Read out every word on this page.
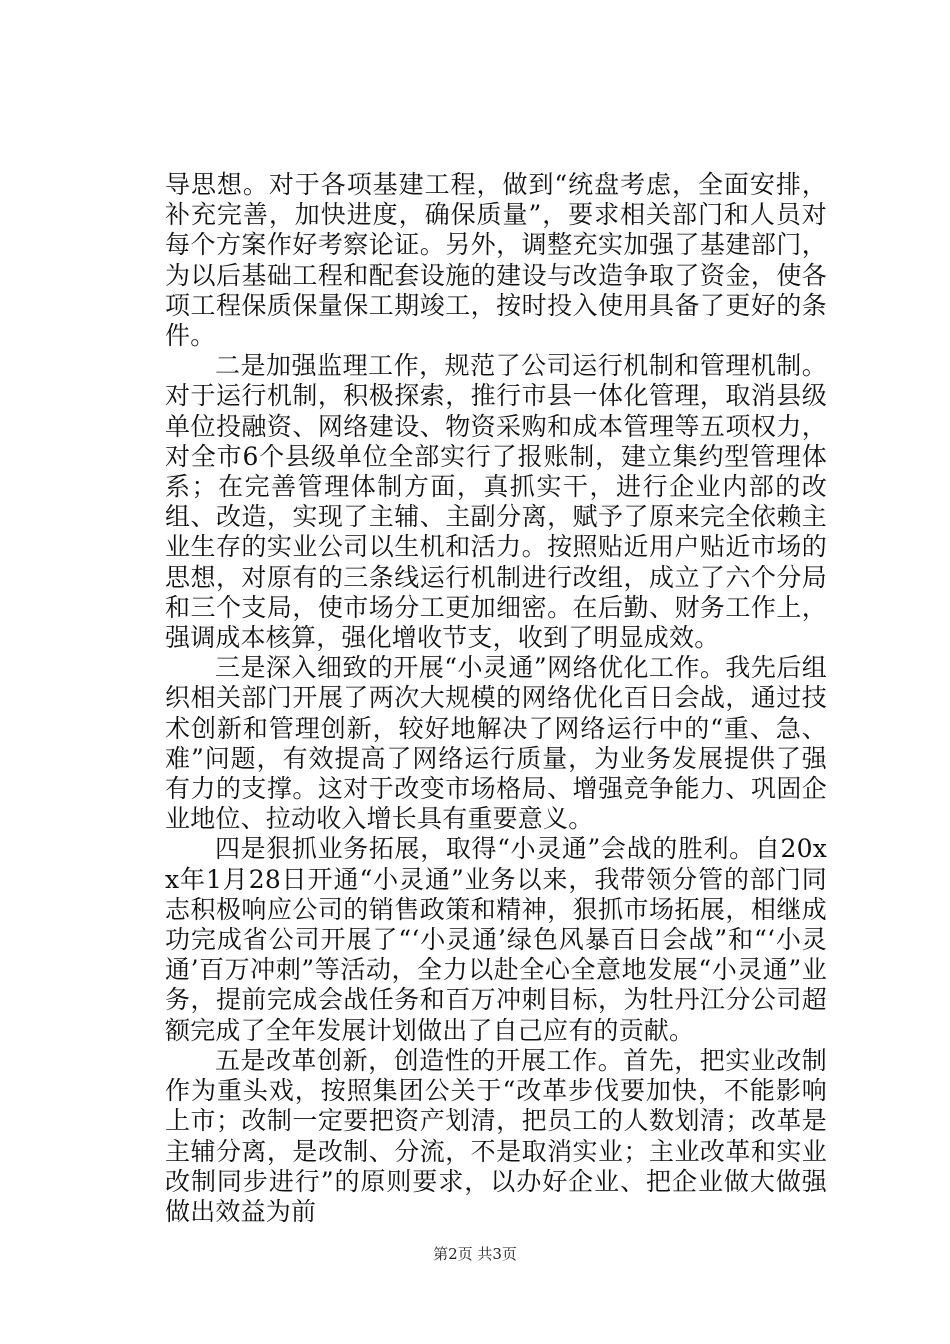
导思想。对于各项基建工程，做到“统盘考虑，全面安排，补充完善，加快进度，确保质量”，要求相关部门和人员对每个方案作好考察论证。另外，调整充实加强了基建部门，为以后基础工程和配套设施的建设与改造争取了资金，使各项工程保质保量保工期竣工，按时投入使用具备了更好的条件。

二是加强监理工作，规范了公司运行机制和管理机制。对于运行机制，积极探索，推行市县一体化管理，取消县级单位投融资、网络建设、物资采购和成本管理等五项权力，对全市6个县级单位全部实行了报账制，建立集约型管理体系；在完善管理体制方面，真抓实干，进行企业内部的改组、改造，实现了主辅、主副分离，赋予了原来完全依赖主业生存的实业公司以生机和活力。按照贴近用户贴近市场的思想，对原有的三条线运行机制进行改组，成立了六个分局和三个支局，使市场分工更加细密。在后勤、财务工作上，强调成本核算，强化增收节支，收到了明显成效。

三是深入细致的开展“小灵通”网络优化工作。我先后组织相关部门开展了两次大规模的网络优化百日会战，通过技术创新和管理创新，较好地解决了网络运行中的“重、急、难”问题，有效提高了网络运行质量，为业务发展提供了强有力的支撑。这对于改变市场格局、增强竞争能力、巩固企业地位、拉动收入增长具有重要意义。

四是狠抓业务拓展，取得“小灵通”会战的胜利。自20xx年1月28日开通“小灵通”业务以来，我带领分管的部门同志积极响应公司的销售政策和精神，狠抓市场拓展，相继成功完成省公司开展了“‘小灵通’绿色风暴百日会战”和“‘小灵通’百万冲刺”等活动，全力以赴全心全意地发展“小灵通”业务，提前完成会战任务和百万冲刺目标，为牡丹江分公司超额完成了全年发展计划做出了自己应有的贡献。

五是改革创新，创造性的开展工作。首先，把实业改制作为重头戏，按照集团公关于“改革步伐要加快，不能影响上市；改制一定要把资产划清，把员工的人数划清；改革是主辅分离，是改制、分流，不是取消实业；主业改革和实业改制同步进行”的原则要求，以办好企业、把企业做大做强做出效益为前

第2页 共3页
